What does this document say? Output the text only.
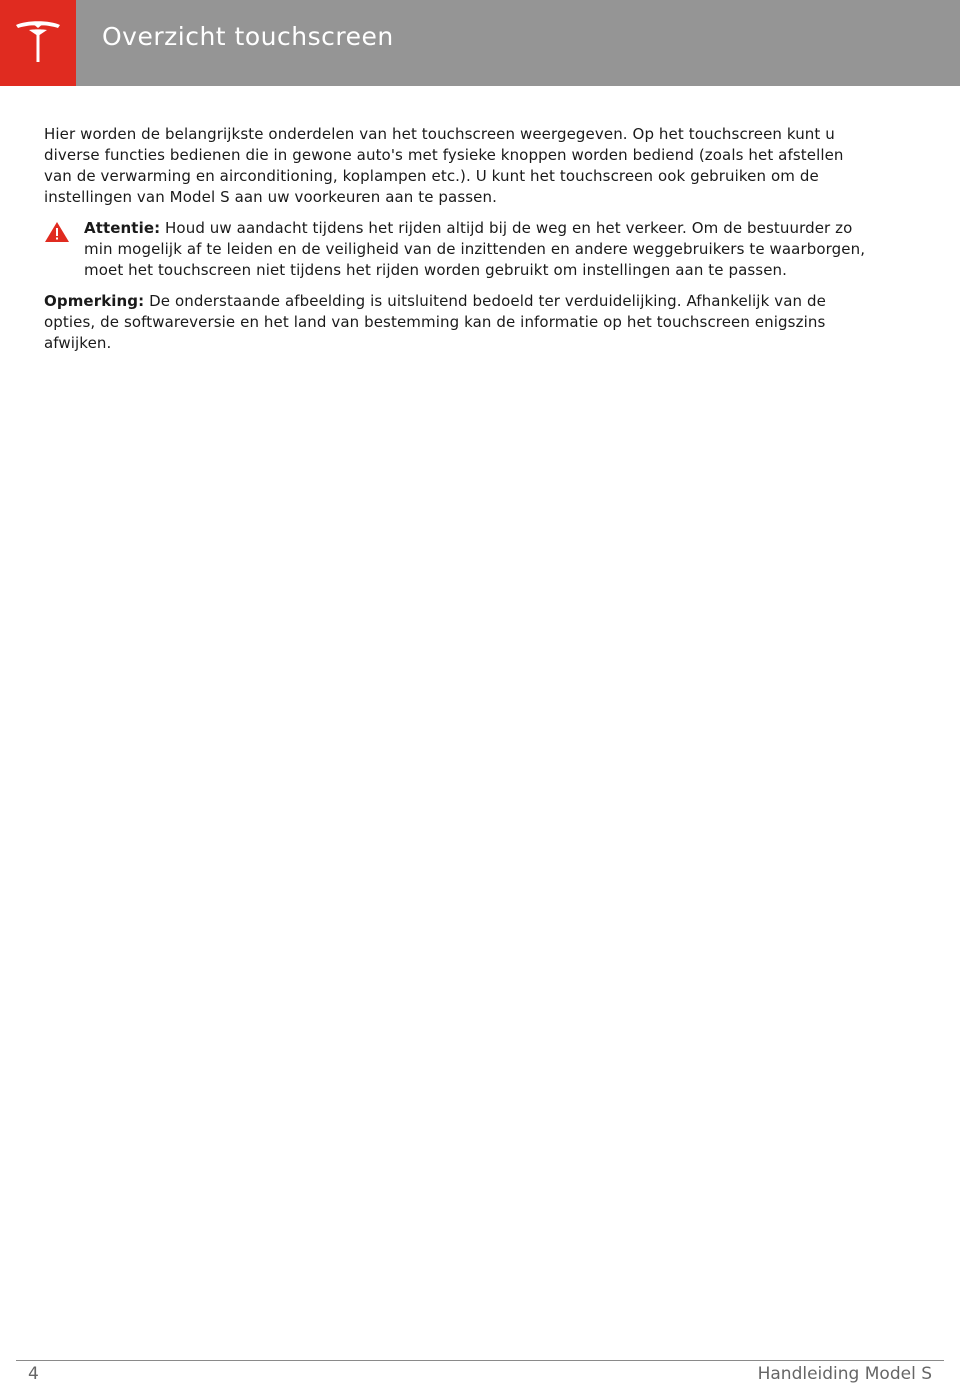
Overzicht touchscreen

Hier worden de belangrijkste onderdelen van het touchscreen weergegeven. Op het touchscreen kunt u diverse functies bedienen die in gewone auto's met fysieke knoppen worden bediend (zoals het afstellen van de verwarming en airconditioning, koplampen etc.). U kunt het touchscreen ook gebruiken om de instellingen van Model S aan uw voorkeuren aan te passen.

Attentie: Houd uw aandacht tijdens het rijden altijd bij de weg en het verkeer. Om de bestuurder zo min mogelijk af te leiden en de veiligheid van de inzittenden en andere weggebruikers te waarborgen, moet het touchscreen niet tijdens het rijden worden gebruikt om instellingen aan te passen.

Opmerking: De onderstaande afbeelding is uitsluitend bedoeld ter verduidelijking. Afhankelijk van de opties, de softwareversie en het land van bestemming kan de informatie op het touchscreen enigszins afwijken.

4	Handleiding Model S
